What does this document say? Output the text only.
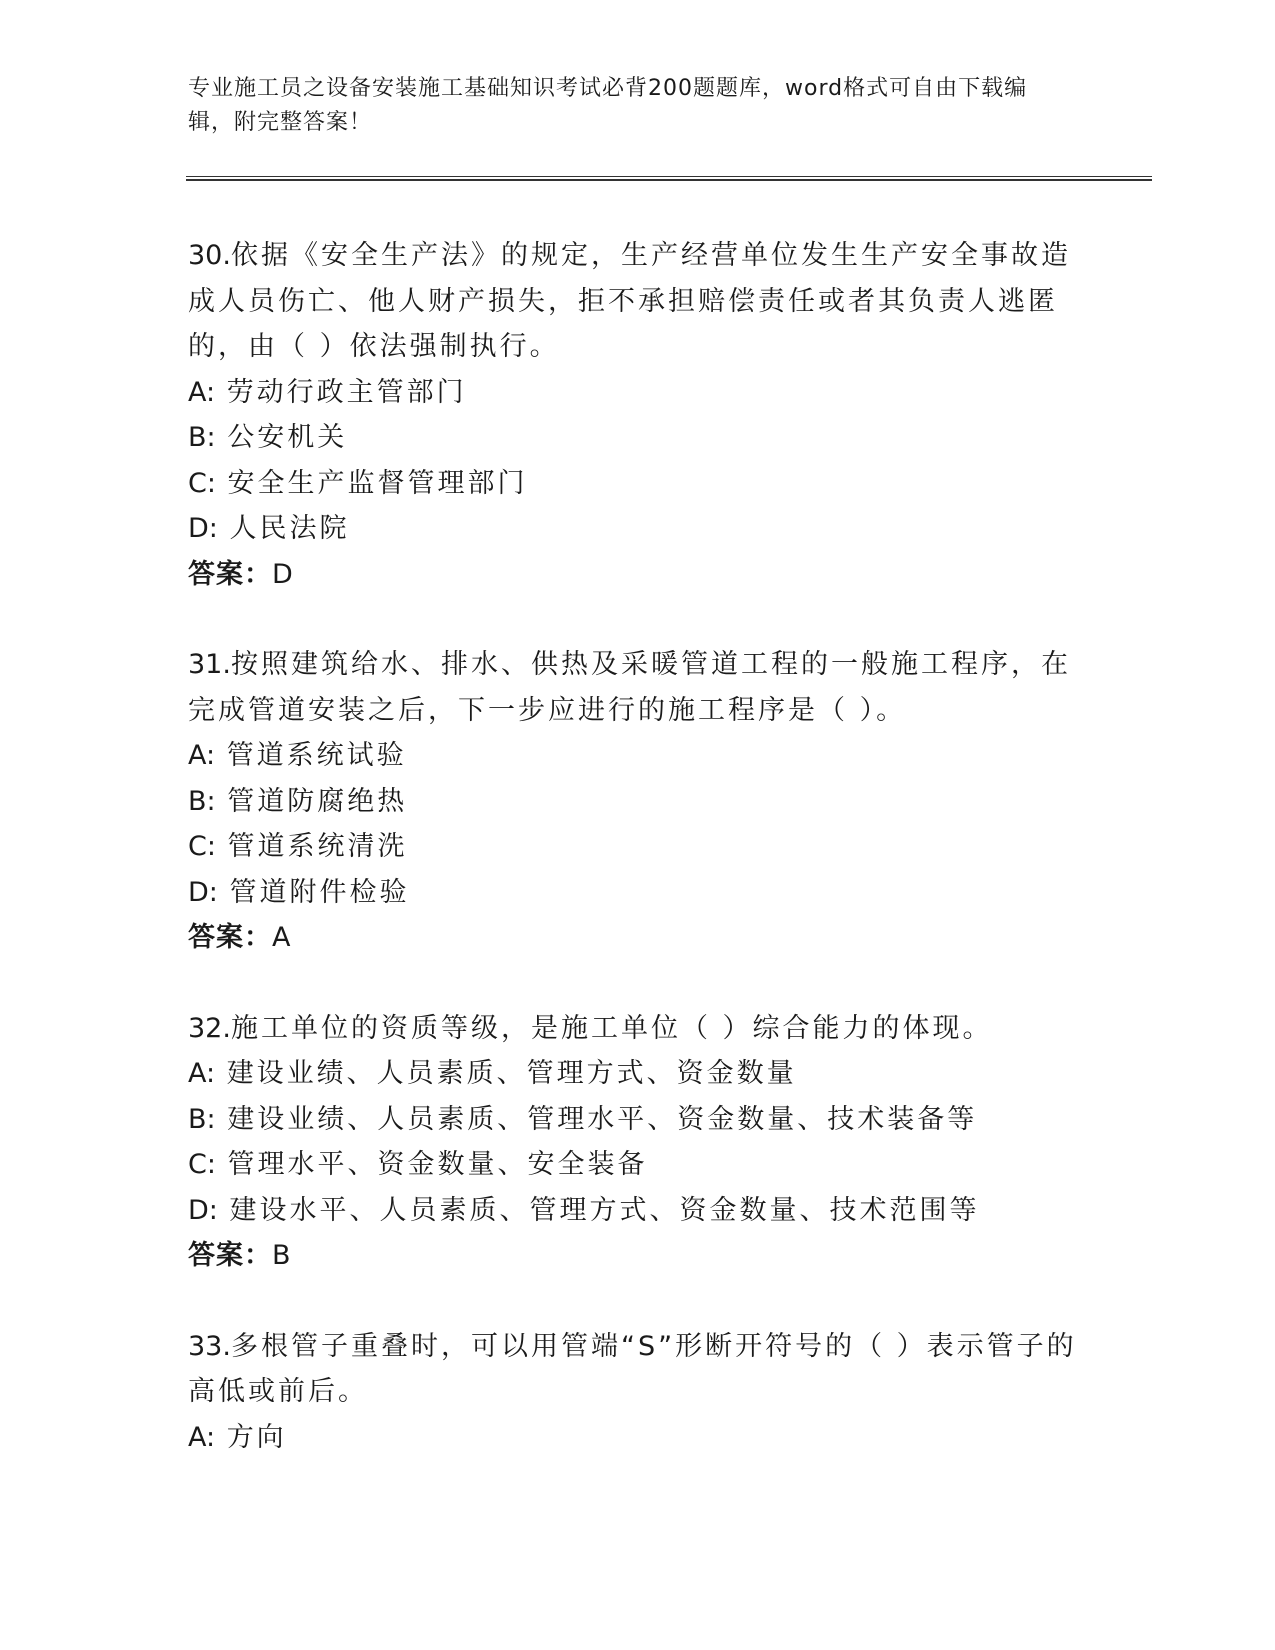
专业施工员之设备安装施工基础知识考试必背200题题库，word格式可自由下载编辑，附完整答案！

30.依据《安全生产法》的规定，生产经营单位发生生产安全事故造成人员伤亡、他人财产损失，拒不承担赔偿责任或者其负责人逃匿的，由（ ）依法强制执行。

A: 劳动行政主管部门

B: 公安机关

C: 安全生产监督管理部门

D: 人民法院

答案：D

31.按照建筑给水、排水、供热及采暖管道工程的一般施工程序，在完成管道安装之后，下一步应进行的施工程序是（ ）。

A: 管道系统试验

B: 管道防腐绝热

C: 管道系统清洗

D: 管道附件检验

答案：A

32.施工单位的资质等级，是施工单位（ ）综合能力的体现。

A: 建设业绩、人员素质、管理方式、资金数量

B: 建设业绩、人员素质、管理水平、资金数量、技术装备等

C: 管理水平、资金数量、安全装备

D: 建设水平、人员素质、管理方式、资金数量、技术范围等

答案：B

33.多根管子重叠时，可以用管端“S”形断开符号的（ ）表示管子的高低或前后。

A: 方向
